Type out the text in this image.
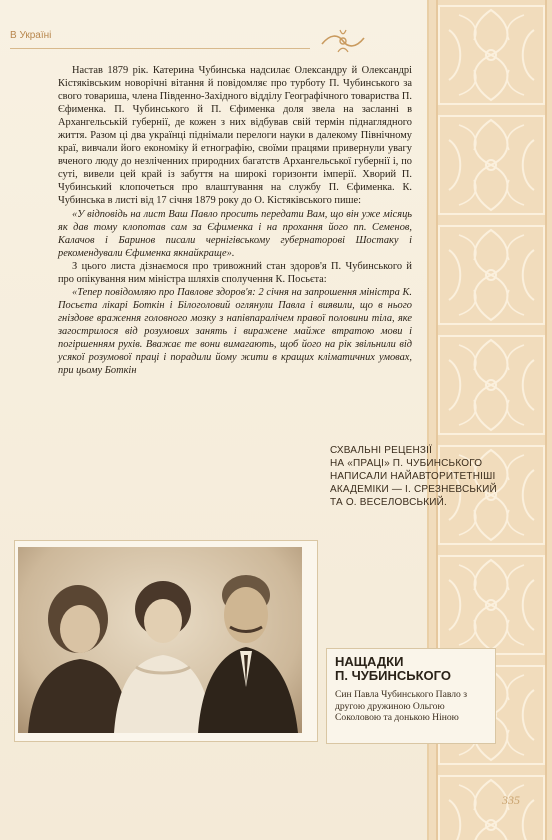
В Україні

Настав 1879 рік. Катерина Чубинська надсилає Олександру й Олександрі Кістяківським новорічні вітання й повідомляє про турботу П. Чубинського за свого товариша, члена Південно-Західного відділу Географічного товариства П. Єфименка. П. Чубинського й П. Єфименка доля звела на засланні в Архангельській губернії, де кожен з них відбував свій термін піднаглядного життя. Разом ці два українці піднімали перелоги науки в далекому Північному краї, вивчали його економіку й етнографію, своїми працями привернули увагу вченого люду до незліченних природних багатств Архангельської губернії і, по суті, вивели цей край із забуття на широкі горизонти імперії. Хворий П. Чубинський клопочеться про влаштування на службу П. Єфименка. К. Чубинська в листі від 17 січня 1879 року до О. Кістяківського пише:

«У відповідь на лист Ваш Павло просить передати Вам, що він уже місяць як дав тому клопотав сам за Єфименка і на прохання його пп. Семенов, Калачов і Баринов писали чернігівському губернаторові Шостаку і рекомендували Єфименка якнайкраще».

З цього листа дізнаємося про тривожний стан здоров'я П. Чубинського й про опікування ним міністра шляхів сполучення К. Посьєта:

«Тепер повідомляю про Павлове здоров'я: 2 січня на запрошення міністра К. Посьєта лікарі Боткін і Білоголовий оглянули Павла і виявили, що в нього гніздове враження головного мозку з напівпаралічем правої половини тіла, яке загострилося від розумових занять і виражене майже втратою мови і погіршенням рухів. Вважає те вони вимагають, щоб його на рік звільнили від усякої розумової праці і порадили йому жити в кращих кліматичних умовах, при цьому Боткін

СХВАЛЬНІ РЕЦЕНЗІЇ
НА «ПРАЦІ» П. ЧУБИНСЬКОГО
НАПИСАЛИ НАЙАВТОРИТЕТНІШІ
АКАДЕМІКИ — І. СРЕЗНЕВСЬКИЙ
ТА О. ВЕСЕЛОВСЬКИЙ.
НАЩАДКИ
П. ЧУБИНСЬКОГО
Син Павла Чубинського Павло з другою дружиною Ольгою Соколовою та донькою Ніною
335
